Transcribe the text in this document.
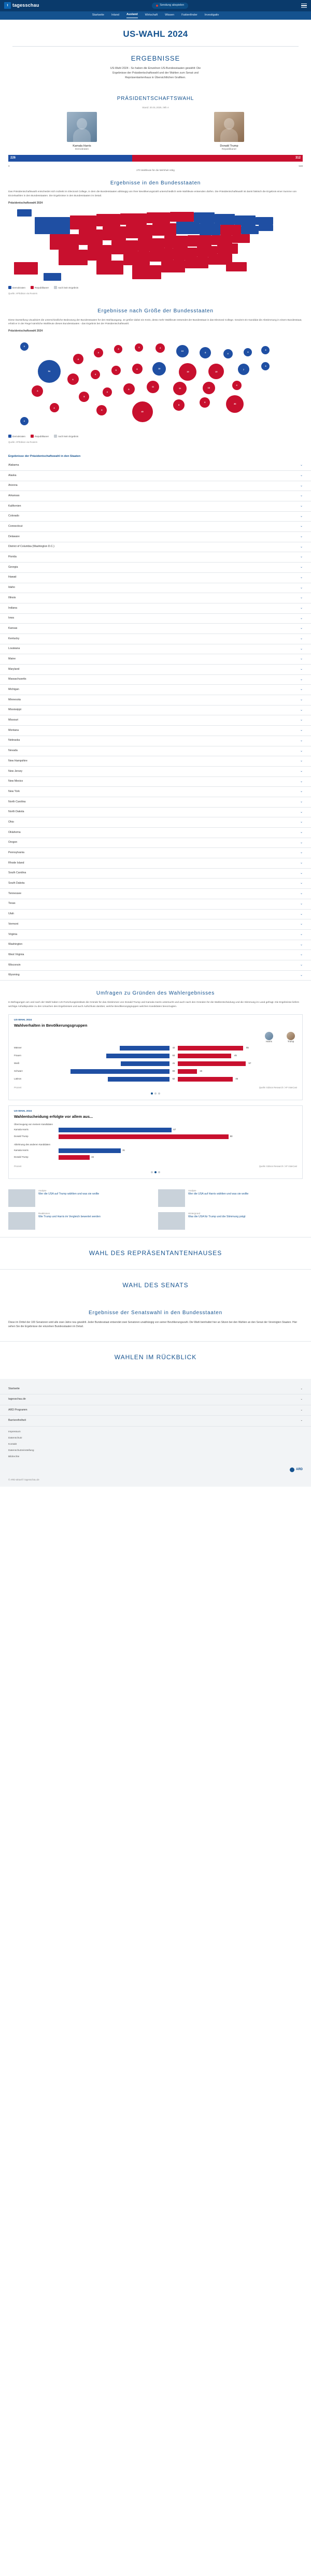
t tagesschau	Sendung abspielen
Startseite	Inland	Ausland	Wirtschaft	Wissen	Faktenfinder	Investigativ
US-WAHL 2024
ERGEBNISSE
US-Wahl 2024 - So haben die Einzelnen US-Bundesstaaten gewählt: Die
Ergebnisse der Präsidentschaftswahl und der Wahlen zum Senat und
Repräsentantenhaus in Übersichtlichen Grafiken.
PRÄSIDENTSCHAFTSWAHL
Stand: 20.01.2025, 08h A
Kamala Harris
Demokraten
Donald Trump
Republikaner
226	312
0	538
270 Wahlleute für die Mehrheit nötig
Ergebnisse in den Bundesstaaten

Das Präsidentschaftswahl entscheidet sich indirekt im Electoral College, in dem die Bundesstaaten abhängig von ihrer Bevölkerungszahl unterschiedlich viele Wahlleute entsenden dürfen. Die Präsidentschaftswahl ist damit faktisch die Ergebnis einer Summe von Einzelwahlen in den Bundesstaaten. Die Ergebnisse in den Bundesstaaten im Detail.

Präsidentschaftswahl 2024
Demokraten	Republikaner	noch kein Ergebnis
Quelle: AP/Edison via Reuters
Ergebnisse nach Größe der Bundesstaaten

Diese Darstellung visualisiert die unterschiedliche Bedeutung der Bundesstaaten für den Wahlausgang. Je größer dabei ein Kreis, desto mehr Wahlleute entsendet der Bundesstaat in das Electoral College. Gewinnt ein Kandidat die Abstimmung in einem Bundesstaat, erhält er in der Regel sämtliche Wahlleute dieses Bundesstaates - das Ergebnis bei der Präsidentschaftswahl.

Präsidentschaftswahl 2024
3
54
6
4
3
3	4
10
8	4
3
3
6
4
5
6	10
19	15
7
3
5
4
6
11
11	16
4
6
4
5	40
8
9
30
4
Demokraten	Republikaner	noch kein Ergebnis
Quelle: AP/Edison via Reuters
Ergebnisse der Präsidentschaftswahl in den Staaten
Alabama	⌄
Alaska	⌄
Arizona	⌄
Arkansas	⌄
Kalifornien	⌄
Colorado	⌄
Connecticut	⌄
Delaware	⌄
District of Columbia (Washington D.C.)	⌄
Florida	⌄
Georgia	⌄
Hawaii	⌄
Idaho	⌄
Illinois	⌄
Indiana	⌄
Iowa	⌄
Kansas	⌄
Kentucky	⌄
Louisiana	⌄
Maine	⌄
Maryland	⌄
Massachusetts	⌄
Michigan	⌄
Minnesota	⌄
Mississippi	⌄
Missouri	⌄
Montana	⌄
Nebraska	⌄
Nevada	⌄
New Hampshire	⌄
New Jersey	⌄
New Mexico	⌄
New York	⌄
North Carolina	⌄
North Dakota	⌄
Ohio	⌄
Oklahoma	⌄
Oregon	⌄
Pennsylvania	⌄
Rhode Island	⌄
South Carolina	⌄
South Dakota	⌄
Tennessee	⌄
Texas	⌄
Utah	⌄
Vermont	⌄
Virginia	⌄
Washington	⌄
West Virginia	⌄
Wisconsin	⌄
Wyoming	⌄
Umfragen zu Gründen des Wahlergebnisses

In Befragungen am und nach der Wahl haben US-Forschungsinstitute die Gründe für das Abstimmen von Donald Trump und Kamala Harris untersucht und auch nach den Gründen für die Wahlentscheidung und die Stimmung im Land gefragt. Die Ergebnisse liefern wichtige Anhaltspunkte zu den Ursachen des Ergebnisses und auch Aufschluss darüber, welche Bevölkerungsgruppen welchen Kandidaten bevorzugten.

US-WAHL 2024
Wahlverhalten in Bevölkerungsgruppen
Harris	Trump
Männer	42	55
Frauen	53	45
Weiß	41	57
Schwarz	83	16
Latinos	52	46
Prozent	Quelle: Edison Research / AP VoteCast
US-WAHL 2024
Wahlentscheidung erfolgte vor allem aus...
Überzeugung von meinem Kandidaten
Kamala Harris	67
Donald Trump	83
Ablehnung des anderen Kandidaten
Kamala Harris	31
Donald Trump	15
Prozent	Quelle: Edison Research / AP VoteCast
Analyse
Wer die USA auf Trump wählten und was sie wollte
Analyse
Wer die USA auf Harris wählten und was sie wollte
Reaktionen
Wie Trump und Harris im Vergleich bewertet werden
Hintergrund
Was die USA für Trump und die Stimmung prägt
WAHL DES REPRÄSENTANTENHAUSES
WAHL DES SENATS
Ergebnisse der Senatswahl in den Bundesstaaten

Diese im Drittel der 100 Senatoren wird alle zwei Jahre neu gewählt. Jeder Bundesstaat entsendet zwei Senatoren unabhängig von seiner Bevölkerungszahl. Die Wahl beinhaltet hier an Sitzen bei den Wahlen an den Senat der Vereinigten Staaten. Hier sehen Sie die Ergebnisse der einzelnen Bundesstaaten im Detail.

WAHLEN IM RÜCKBLICK
Startseite	⌄
tagesschau.de	⌄
ARD Programm	⌄
Barrierefreiheit	⌄
Impressum
Datenschutz
Kontakt
Datenschutzeinstellung
Bildrechte
ARD
© ARD-aktuell / tagesschau.de
